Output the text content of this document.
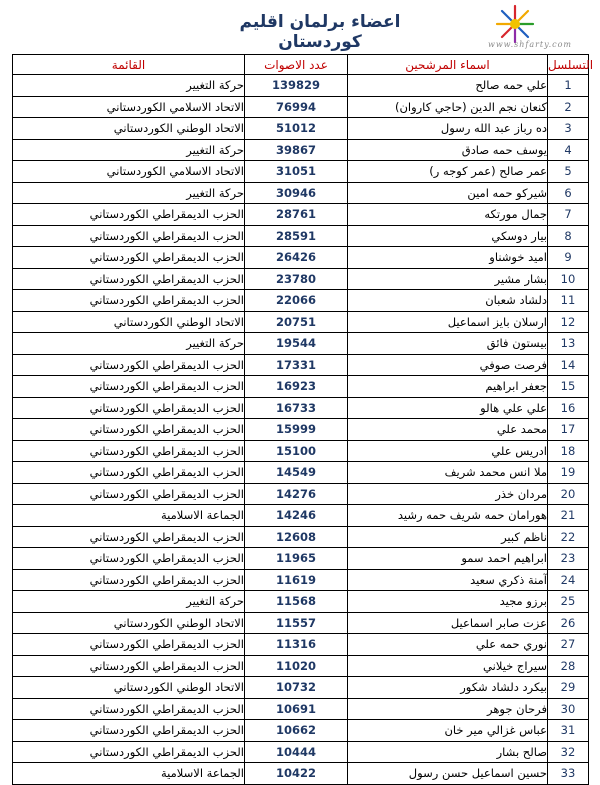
اعضاء برلمان اقليم كوردستان	www.shfarty.com
القائمة	عدد الاصوات	اسماء المرشحين	التسلسل
حركة التغيير	139829	علي حمه صالح	1
الاتحاد الاسلامي الكوردستاني	76994	كنعان نجم الدين (حاجي كاروان)	2
الاتحاد الوطني الكوردستاني	51012	ده رباز عبد الله رسول	3
حركة التغيير	39867	يوسف حمه صادق	4
الاتحاد الاسلامي الكوردستاني	31051	عمر صالح (عمر كوجه ر)	5
حركة التغيير	30946	شيركو حمه امين	6
الحزب الديمقراطي الكوردستاني	28761	جمال مورتكه	7
الحزب الديمقراطي الكوردستاني	28591	بيار دوسكي	8
الحزب الديمقراطي الكوردستاني	26426	اميد خوشناو	9
الحزب الديمقراطي الكوردستاني	23780	بشار مشير	10
الحزب الديمقراطي الكوردستاني	22066	دلشاد شعبان	11
الاتحاد الوطني الكوردستاني	20751	ارسلان بايز اسماعيل	12
حركة التغيير	19544	بيستون فائق	13
الحزب الديمقراطي الكوردستاني	17331	فرصت صوفي	14
الحزب الديمقراطي الكوردستاني	16923	جعفر ابراهيم	15
الحزب الديمقراطي الكوردستاني	16733	علي علي هالو	16
الحزب الديمقراطي الكوردستاني	15999	محمد علي	17
الحزب الديمقراطي الكوردستاني	15100	ادريس علي	18
الحزب الديمقراطي الكوردستاني	14549	ملا انس محمد شريف	19
الحزب الديمقراطي الكوردستاني	14276	مردان خذر	20
الجماعة الاسلامية	14246	هورامان حمه شريف حمه رشيد	21
الحزب الديمقراطي الكوردستاني	12608	ناظم كبير	22
الحزب الديمقراطي الكوردستاني	11965	ابراهيم احمد سمو	23
الحزب الديمقراطي الكوردستاني	11619	آمنة ذكري سعيد	24
حركة التغيير	11568	برزو مجيد	25
الاتحاد الوطني الكوردستاني	11557	عزت صابر اسماعيل	26
الحزب الديمقراطي الكوردستاني	11316	نوري حمه علي	27
الحزب الديمقراطي الكوردستاني	11020	سيراج خيلاني	28
الاتحاد الوطني الكوردستاني	10732	بيكرد دلشاد شكور	29
الحزب الديمقراطي الكوردستاني	10691	فرحان جوهر	30
الحزب الديمقراطي الكوردستاني	10662	عباس غزالي مير خان	31
الحزب الديمقراطي الكوردستاني	10444	صالح بشار	32
الجماعة الاسلامية	10422	حسين اسماعيل حسن رسول	33
